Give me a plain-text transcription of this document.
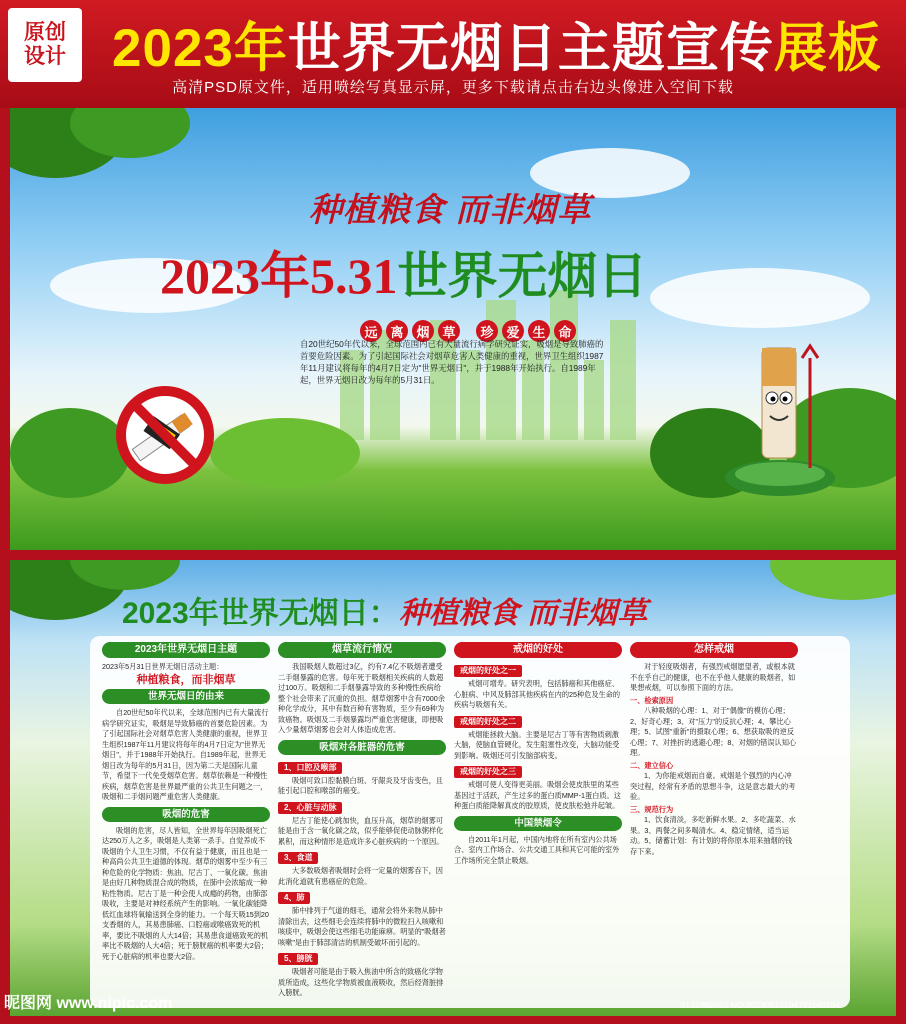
原创
设计 2023年世界无烟日主题宣传展板
高清PSD原文件，适用喷绘写真显示屏，更多下载请点击右边头像进入空间下载
种植粮食 而非烟草
2023年5.31世界无烟日
远 离 烟 草	珍 爱 生 命
自20世纪50年代以来，全球范围内已有大量流行病学研究证实，吸烟是导致肺癌的首要危险因素。为了引起国际社会对烟草危害人类健康的重视，世界卫生组织1987年11月建议将每年的4月7日定为"世界无烟日"，并于1988年开始执行。自1989年起，世界无烟日改为每年的5月31日。
2023年世界无烟日：种植粮食 而非烟草
2023年世界无烟日主题
2023年5月31日世界无烟日活动主题：
种植粮食，而非烟草
世界无烟日的由来
自20世纪50年代以来，全球范围内已有大量流行病学研究证实，吸烟是导致肺癌的首要危险因素。为了引起国际社会对烟草危害人类健康的重视，世界卫生组织1987年11月建议将每年的4月7日定为"世界无烟日"，并于1988年开始执行。自1989年起，世界无烟日改为每年的5月31日，因为第二天是国际儿童节，希望下一代免受烟草危害。烟草依赖是一种慢性疾病，烟草危害是世界最严重的公共卫生问题之一，吸烟和二手烟问题严重危害人类健康。
吸烟的危害
吸烟的危害，尽人皆知，全世界每年因吸烟死亡达250万人之多，吸烟是人类第一杀手。自觉养成不吸烟的个人卫生习惯，不仅有益于健康，而且也是一种高尚公共卫生道德的体现。烟草的烟雾中至少有三种危险的化学物质：焦油、尼古丁、一氧化碳。焦油是由好几种物质混合成的物质，在肺中会浓缩成一种粘性物质。尼古丁是一种会使人成瘾的药物，由肺部吸收，主要是对神经系统产生的影响。一氧化碳能降低红血球将氧输送到全身的能力。一个每天吸15到20支香烟的人，其易患肺癌、口腔癌或喉癌致死的机率，要比不吸烟的人大14倍；其易患食道癌致死的机率比不吸烟的人大4倍；死于膀胱癌的机率要大2倍；死于心脏病的机率也要大2倍。
烟草流行情况
我国吸烟人数超过3亿，约有7.4亿不吸烟者遭受二手烟暴露的危害。每年死于吸烟相关疾病的人数超过100万。吸烟和二手烟暴露导致的多种慢性疾病给整个社会带来了沉重的负担。烟草烟雾中含有7000余种化学成分，其中有数百种有害物质，至少有69种为致癌物。吸烟及二手烟暴露均严重危害健康，即便吸入少量烟草烟雾也会对人体造成危害。
吸烟对各脏器的危害
1、口腔及喉部
吸烟可致口腔黏膜白斑、牙龈炎及牙齿变色，且能引起口腔和喉部的癌变。
2、心脏与动脉
尼古丁能使心跳加快，血压升高，烟草的烟雾可能是由于含一氧化碳之故，似乎能够促使动脉粥样化累积，而这种情形是造成许多心脏疾病的一个原因。
3、食道
大多数吸烟者吸烟时会将一定量的烟雾吞下，因此消化道就有患癌症的危险。
4、肺
肺中排列于气道的细毛，通常会将外来物从肺中清除出去，这些细毛会连续将肺中的微粒扫入咳嗽和咳痰中，吸烟会使这些细毛功能麻痹。明显的"吸烟者咳嗽"是由于肺部清洁的机制受破坏而引起的。
5、膀胱
吸烟者可能是由于吸入焦油中所含的致癌化学物质所造成，这些化学物质被血液吸收，然后经肾脏排入膀胱。
戒烟的好处
戒烟的好处之一
戒烟可增寿。研究表明，包括肺癌和其他癌症、心脏病、中风及肺部其他疾病在内的25种危及生命的疾病与吸烟有关。
戒烟的好处之二
戒烟能拯救大脑。主要是尼古丁等有害物质刺激大脑，使脑血管硬化，发生阻塞性改变，大脑功能受到影响。吸烟还可引发脑部病变。
戒烟的好处之三
戒烟可使人变得更美丽。吸烟会使皮肤里的某些基因过于活跃，产生过多的蛋白质MMP-1蛋白质。这种蛋白质能降解真皮的胶原质，使皮肤松弛并起皱。
中国禁烟令
自2011年1月起，中国内地将在所有室内公共场合、室内工作场合、公共交通工具和其它可能的室外工作场所完全禁止吸烟。
怎样戒烟
对于轻度吸烟者，有强烈戒烟愿望者，或根本就不在乎自己的健康，也不在乎他人健康的吸烟者，如果想戒烟，可以参照下面的方法。
一、检索原因
八种吸烟的心理：1、对于"偶像"的模仿心理；2、好奇心理；3、对"压力"的反抗心理；4、攀比心理；5、试图"重新"的摄取心理；6、想获取吸的逆反心理；7、对挫折的逃避心理；8、对烟的错误认知心理。
二、建立信心
1、为你能戒烟而自豪。戒烟是个强烈的内心冲突过程，经常有矛盾的思想斗争，这是意志最大的考验。
三、规范行为
1、饮食清淡，多吃新鲜水果。2、多吃蔬菜、水果。3、两餐之间多喝清水。4、稳定情绪，适当运动。5、储蓄计划：有计划的将你原本用来抽烟的钱存下来。
昵图网 www.nipic.com	ID:22882802 NO:20230513104721140104
